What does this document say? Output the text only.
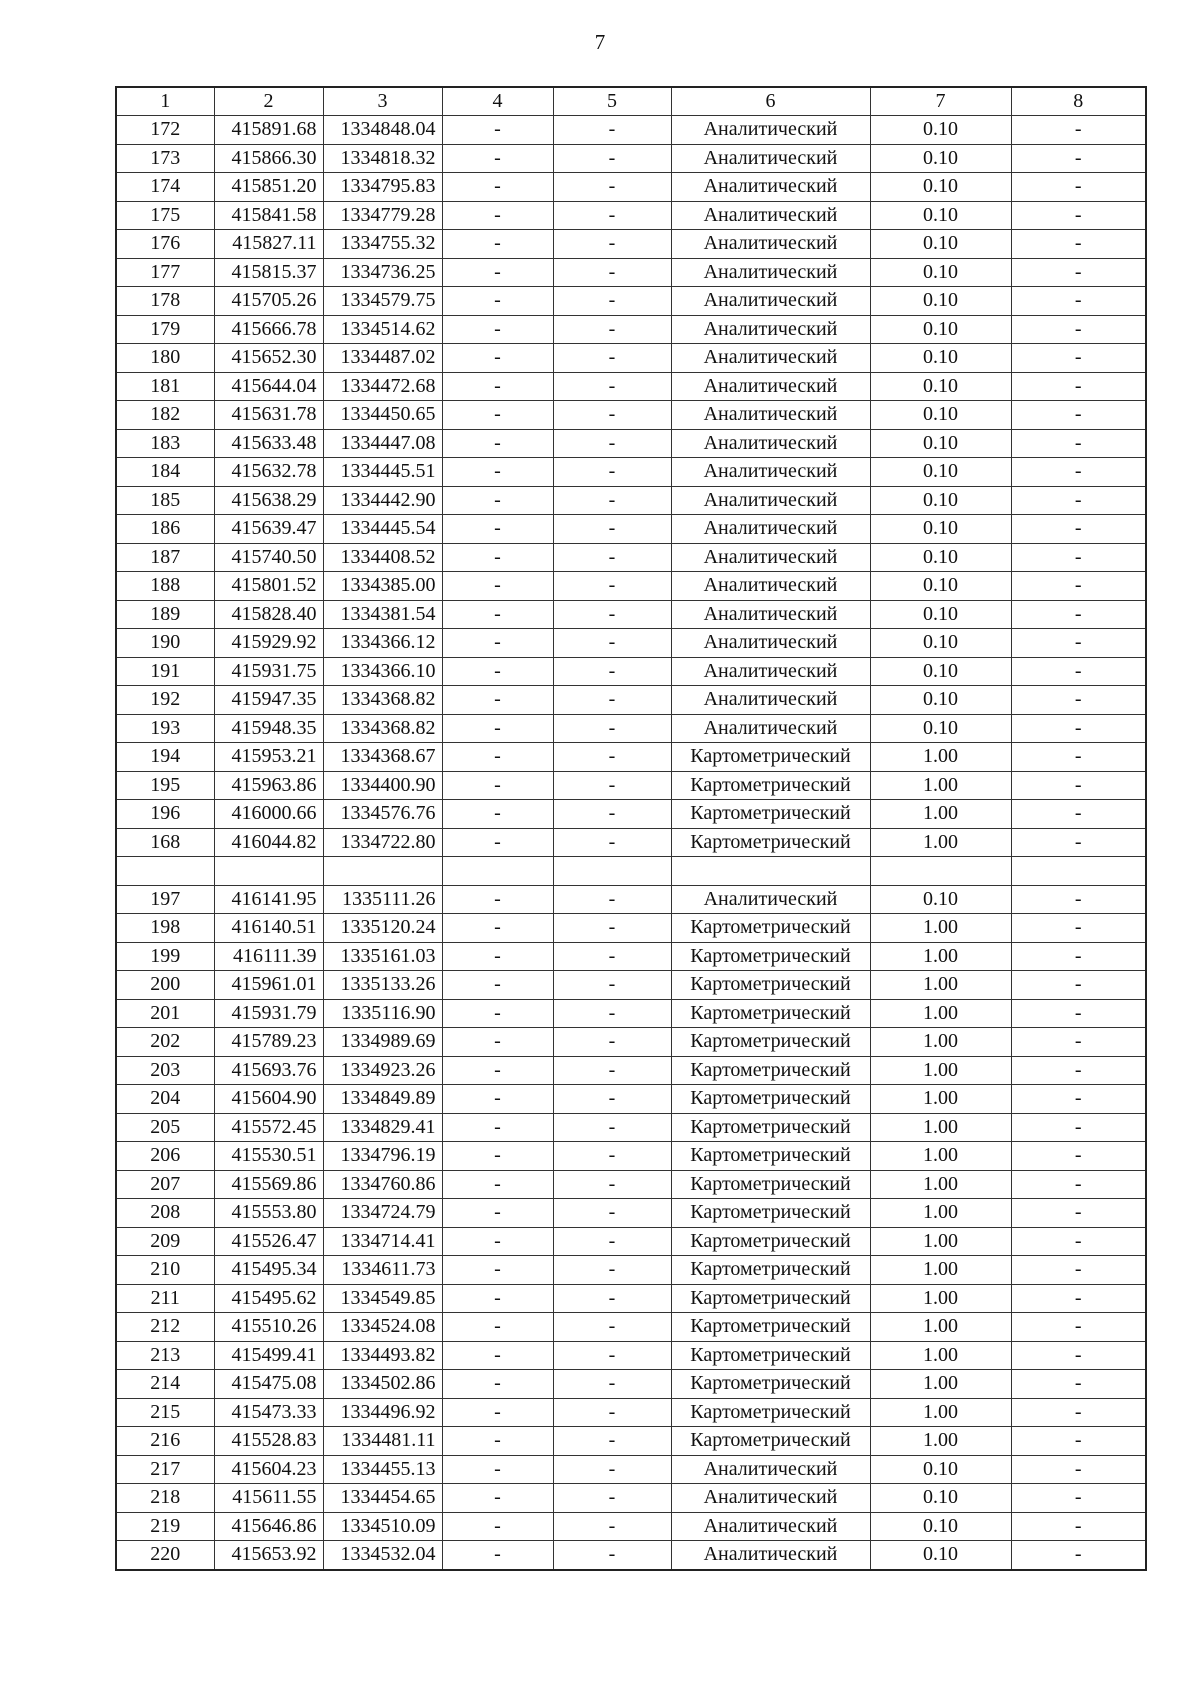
7
1	2	3	4	5	6	7	8
172	415891.68	1334848.04	-	-	Аналитический	0.10	-
173	415866.30	1334818.32	-	-	Аналитический	0.10	-
174	415851.20	1334795.83	-	-	Аналитический	0.10	-
175	415841.58	1334779.28	-	-	Аналитический	0.10	-
176	415827.11	1334755.32	-	-	Аналитический	0.10	-
177	415815.37	1334736.25	-	-	Аналитический	0.10	-
178	415705.26	1334579.75	-	-	Аналитический	0.10	-
179	415666.78	1334514.62	-	-	Аналитический	0.10	-
180	415652.30	1334487.02	-	-	Аналитический	0.10	-
181	415644.04	1334472.68	-	-	Аналитический	0.10	-
182	415631.78	1334450.65	-	-	Аналитический	0.10	-
183	415633.48	1334447.08	-	-	Аналитический	0.10	-
184	415632.78	1334445.51	-	-	Аналитический	0.10	-
185	415638.29	1334442.90	-	-	Аналитический	0.10	-
186	415639.47	1334445.54	-	-	Аналитический	0.10	-
187	415740.50	1334408.52	-	-	Аналитический	0.10	-
188	415801.52	1334385.00	-	-	Аналитический	0.10	-
189	415828.40	1334381.54	-	-	Аналитический	0.10	-
190	415929.92	1334366.12	-	-	Аналитический	0.10	-
191	415931.75	1334366.10	-	-	Аналитический	0.10	-
192	415947.35	1334368.82	-	-	Аналитический	0.10	-
193	415948.35	1334368.82	-	-	Аналитический	0.10	-
194	415953.21	1334368.67	-	-	Картометрический	1.00	-
195	415963.86	1334400.90	-	-	Картометрический	1.00	-
196	416000.66	1334576.76	-	-	Картометрический	1.00	-
168	416044.82	1334722.80	-	-	Картометрический	1.00	-

197	416141.95	1335111.26	-	-	Аналитический	0.10	-
198	416140.51	1335120.24	-	-	Картометрический	1.00	-
199	416111.39	1335161.03	-	-	Картометрический	1.00	-
200	415961.01	1335133.26	-	-	Картометрический	1.00	-
201	415931.79	1335116.90	-	-	Картометрический	1.00	-
202	415789.23	1334989.69	-	-	Картометрический	1.00	-
203	415693.76	1334923.26	-	-	Картометрический	1.00	-
204	415604.90	1334849.89	-	-	Картометрический	1.00	-
205	415572.45	1334829.41	-	-	Картометрический	1.00	-
206	415530.51	1334796.19	-	-	Картометрический	1.00	-
207	415569.86	1334760.86	-	-	Картометрический	1.00	-
208	415553.80	1334724.79	-	-	Картометрический	1.00	-
209	415526.47	1334714.41	-	-	Картометрический	1.00	-
210	415495.34	1334611.73	-	-	Картометрический	1.00	-
211	415495.62	1334549.85	-	-	Картометрический	1.00	-
212	415510.26	1334524.08	-	-	Картометрический	1.00	-
213	415499.41	1334493.82	-	-	Картометрический	1.00	-
214	415475.08	1334502.86	-	-	Картометрический	1.00	-
215	415473.33	1334496.92	-	-	Картометрический	1.00	-
216	415528.83	1334481.11	-	-	Картометрический	1.00	-
217	415604.23	1334455.13	-	-	Аналитический	0.10	-
218	415611.55	1334454.65	-	-	Аналитический	0.10	-
219	415646.86	1334510.09	-	-	Аналитический	0.10	-
220	415653.92	1334532.04	-	-	Аналитический	0.10	-
